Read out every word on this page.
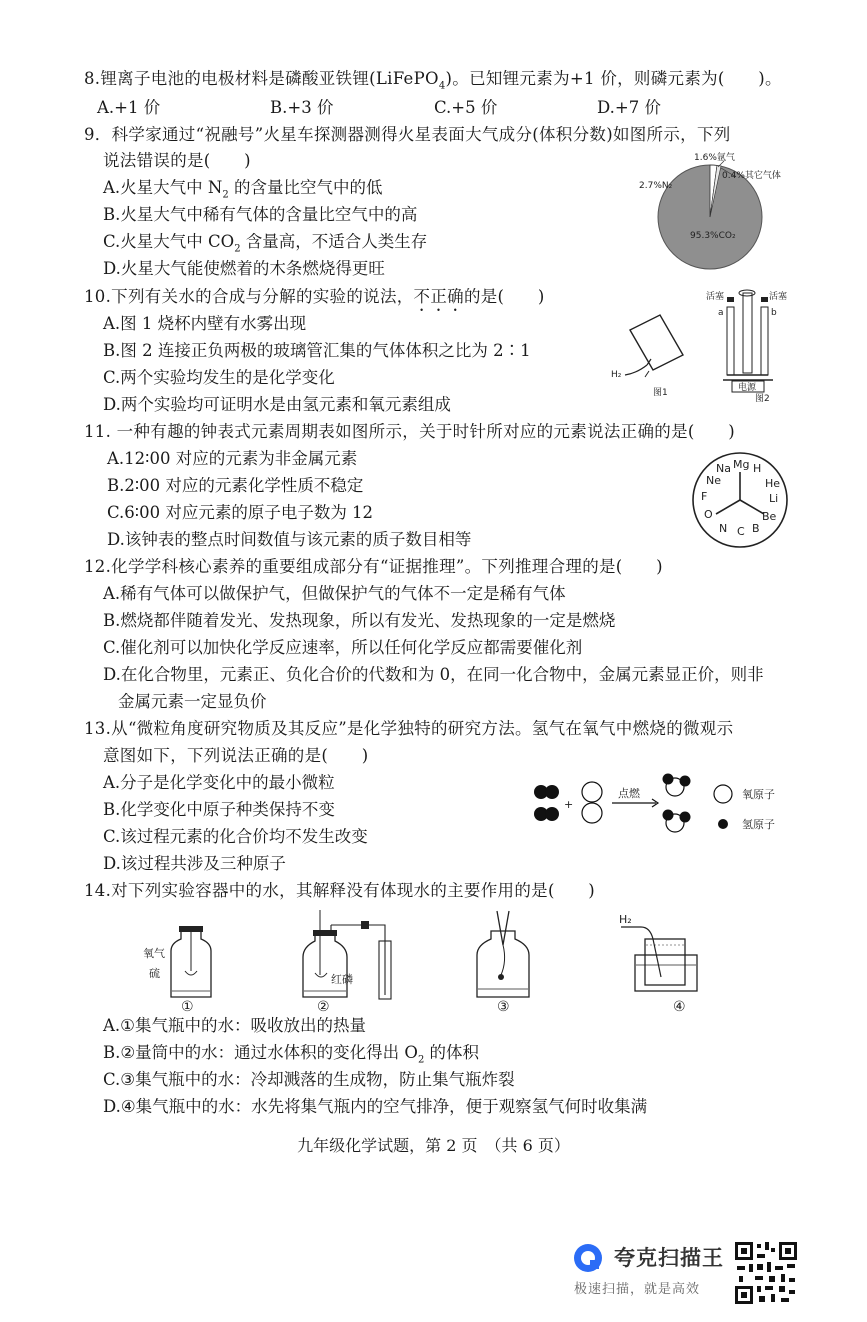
8.锂离子电池的电极材料是磷酸亚铁锂(LiFePO$_4$)。已知锂元素为+1 价，则磷元素为(　　)。
A.+1 价	B.+3 价	C.+5 价	D.+7 价
9．科学家通过“祝融号”火星车探测器测得火星表面大气成分(体积分数)如图所示，下列
说法错误的是(　　)
A.火星大气中 $N_2$ 的含量比空气中的低
B.火星大气中稀有气体的含量比空气中的高
C.火星大气中 $CO_2$ 含量高，不适合人类生存
D.火星大气能使燃着的木条燃烧得更旺
1.6%氩气
0.4%其它气体
2.7%N₂
95.3%CO₂
10.下列有关水的合成与分解的实验的说法，不正确的是(　　)
A.图 1 烧杯内壁有水雾出现
B.图 2 连接正负两极的玻璃管汇集的气体体积之比为 2∶1
C.两个实验均发生的是化学变化
D.两个实验均可证明水是由氢元素和氧元素组成
H₂
图1
活塞	活塞
a	b
电源
图2
11. 一种有趣的钟表式元素周期表如图所示，关于时针所对应的元素说法正确的是(　　)
A.12∶00 对应的元素为非金属元素
B.2∶00 对应的元素化学性质不稳定
C.6∶00 对应元素的原子电子数为 12
D.该钟表的整点时间数值与该元素的质子数目相等
Mg
Na H
Ne	He
F	Li
O	Be
N C B
12.化学学科核心素养的重要组成部分有“证据推理”。下列推理合理的是(　　)
A.稀有气体可以做保护气，但做保护气的气体不一定是稀有气体
B.燃烧都伴随着发光、发热现象，所以有发光、发热现象的一定是燃烧
C.催化剂可以加快化学反应速率，所以任何化学反应都需要催化剂
D.在化合物里，元素正、负化合价的代数和为 0，在同一化合物中，金属元素显正价，则非
金属元素一定显负价
13.从“微粒角度研究物质及其反应”是化学独特的研究方法。氢气在氧气中燃烧的微观示
意图如下，下列说法正确的是(　　)
A.分子是化学变化中的最小微粒
B.化学变化中原子种类保持不变
C.该过程元素的化合价均不发生改变
D.该过程共涉及三种原子
+
点燃	氧原子
氢原子
14.对下列实验容器中的水，其解释没有体现水的主要作用的是(　　)
氧气
硫
①
红磷
②	③
H₂
④
A.①集气瓶中的水：吸收放出的热量
B.②量筒中的水：通过水体积的变化得出 $O_2$ 的体积
C.③集气瓶中的水：冷却溅落的生成物，防止集气瓶炸裂
D.④集气瓶中的水：水先将集气瓶内的空气排净，便于观察氢气何时收集满
九年级化学试题，第 2 页　（共 6 页）
夸克扫描王
极速扫描，就是高效
